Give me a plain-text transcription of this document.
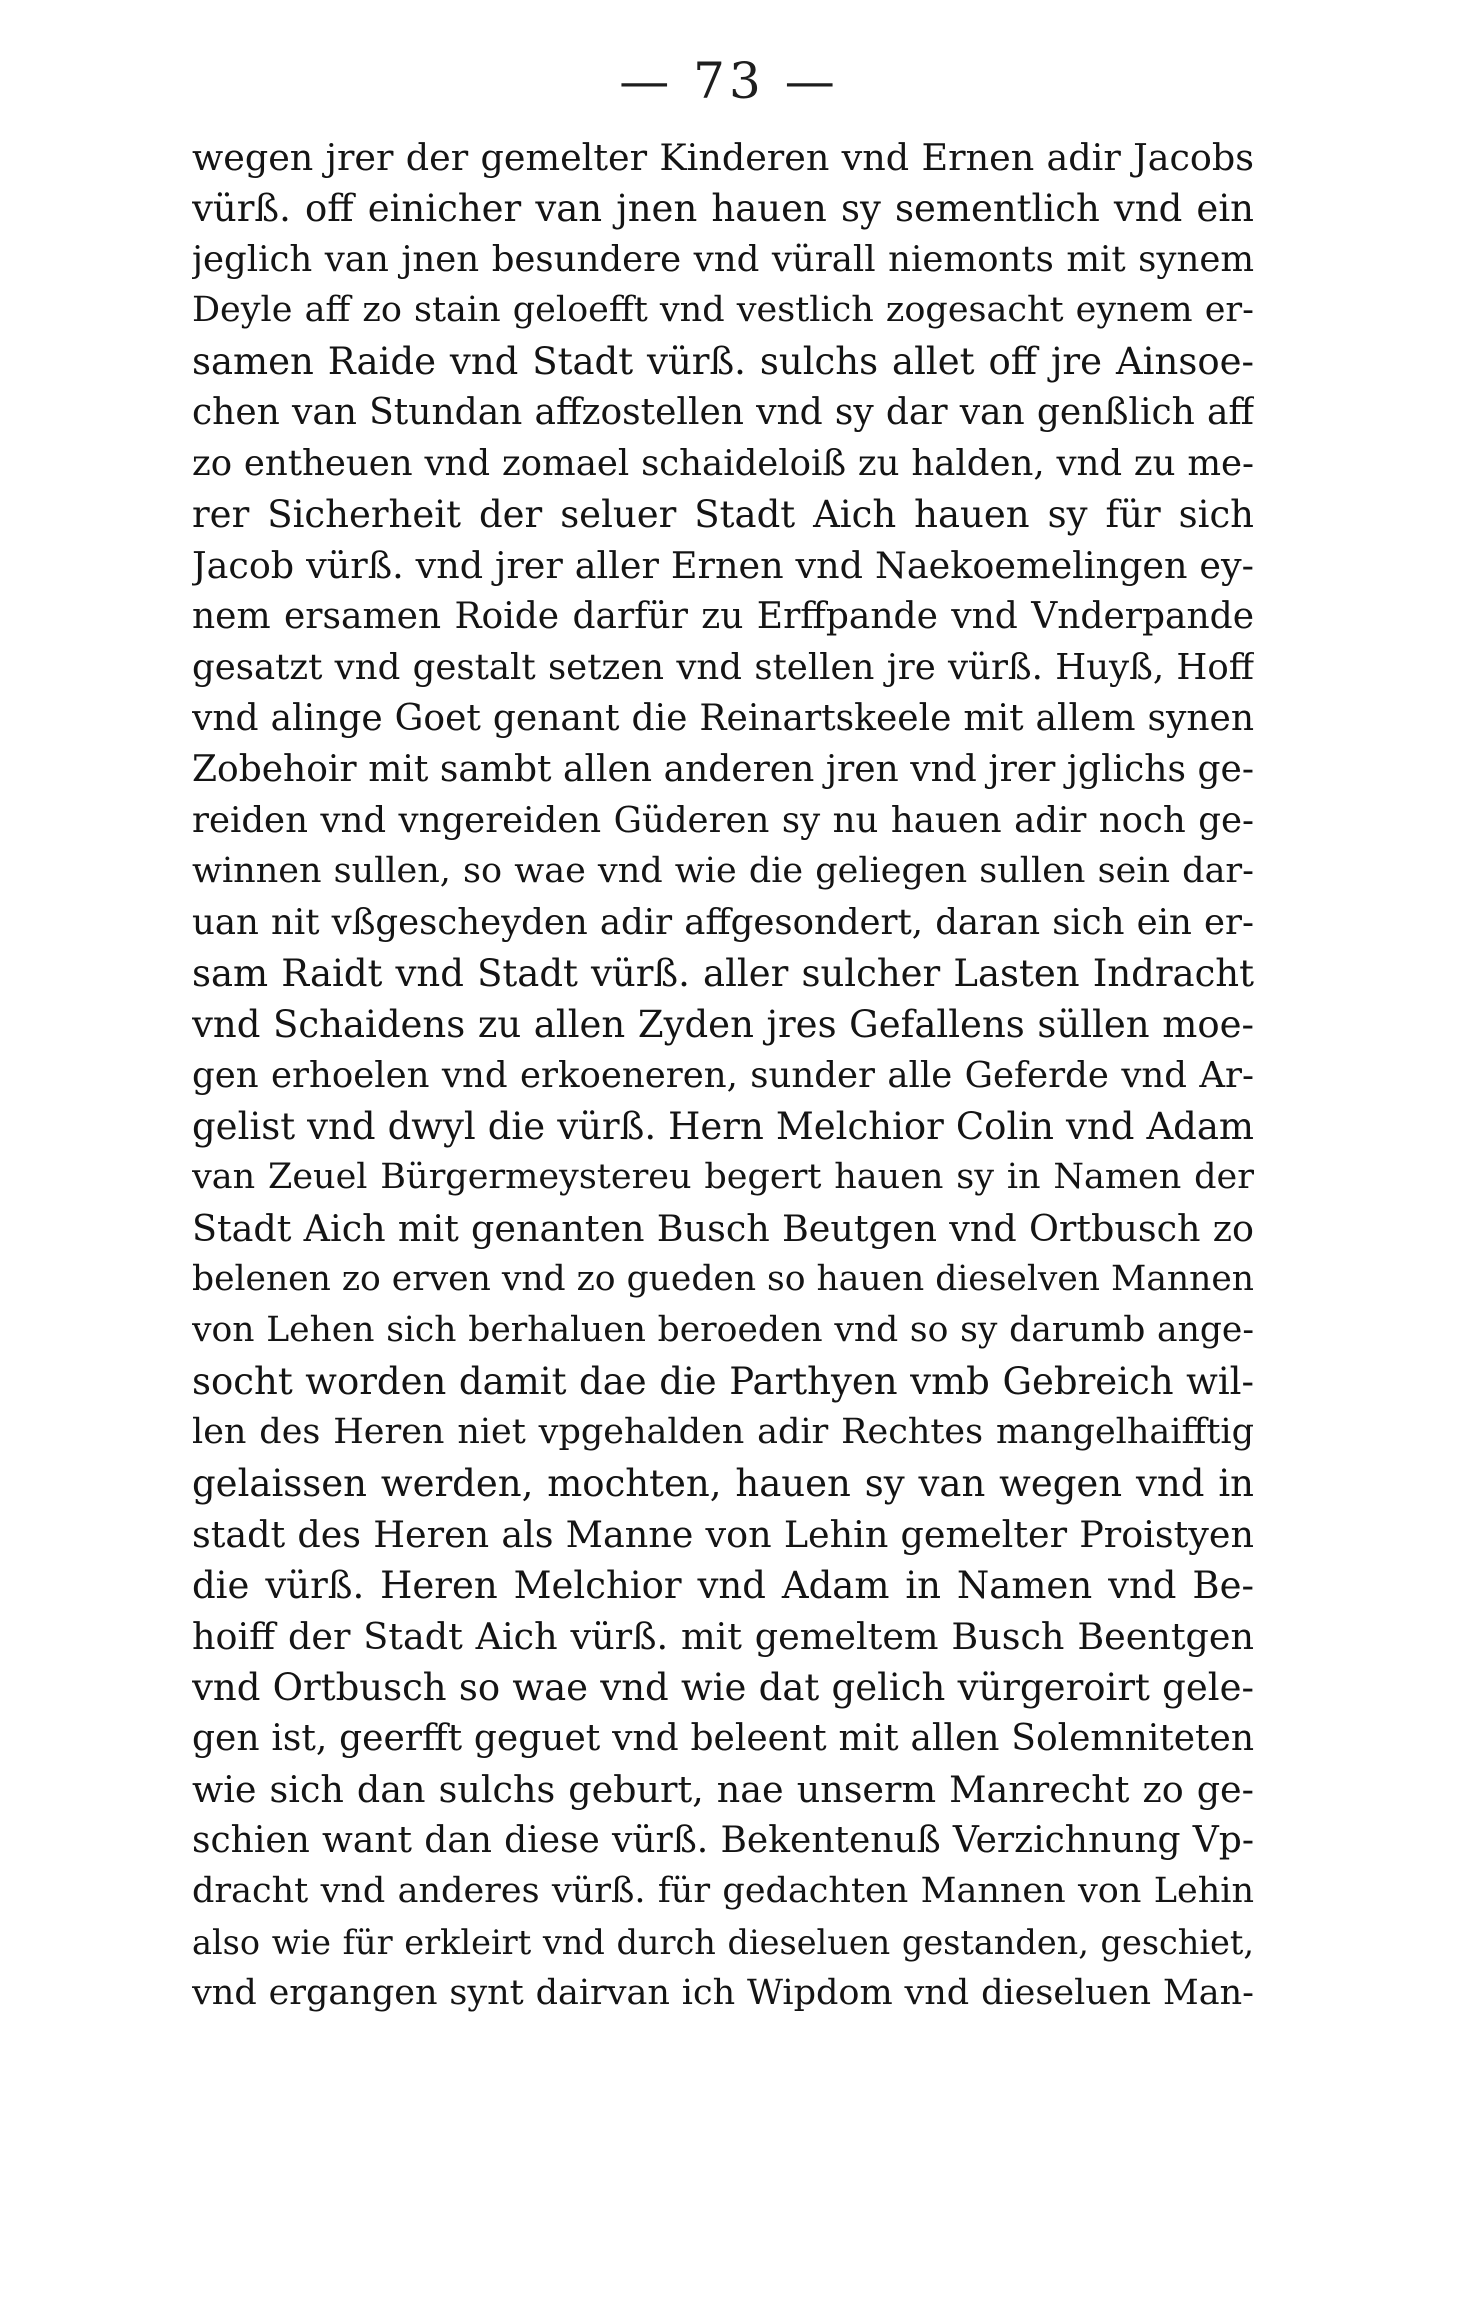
— 73 —
wegen jrer der gemelter Kinderen vnd Ernen adir Jacobs
vürß. off einicher van jnen hauen sy sementlich vnd ein
jeglich van jnen besundere vnd vürall niemonts mit synem
Deyle aff zo stain geloefft vnd vestlich zogesacht eynem er-
samen Raide vnd Stadt vürß. sulchs allet off jre Ainsoe-
chen van Stundan affzostellen vnd sy dar van genßlich aff
zo entheuen vnd zomael schaideloiß zu halden, vnd zu me-
rer Sicherheit der seluer Stadt Aich hauen sy für sich
Jacob vürß. vnd jrer aller Ernen vnd Naekoemelingen ey-
nem ersamen Roide darfür zu Erffpande vnd Vnderpande
gesatzt vnd gestalt setzen vnd stellen jre vürß. Huyß, Hoff
vnd alinge Goet genant die Reinartskeele mit allem synen
Zobehoir mit sambt allen anderen jren vnd jrer jglichs ge-
reiden vnd vngereiden Güderen sy nu hauen adir noch ge-
winnen sullen, so wae vnd wie die geliegen sullen sein dar-
uan nit vßgescheyden adir affgesondert, daran sich ein er-
sam Raidt vnd Stadt vürß. aller sulcher Lasten Indracht
vnd Schaidens zu allen Zyden jres Gefallens süllen moe-
gen erhoelen vnd erkoeneren, sunder alle Geferde vnd Ar-
gelist vnd dwyl die vürß. Hern Melchior Colin vnd Adam
van Zeuel Bürgermeystereu begert hauen sy in Namen der
Stadt Aich mit genanten Busch Beutgen vnd Ortbusch zo
belenen zo erven vnd zo gueden so hauen dieselven Mannen
von Lehen sich berhaluen beroeden vnd so sy darumb ange-
socht worden damit dae die Parthyen vmb Gebreich wil-
len des Heren niet vpgehalden adir Rechtes mangelhaifftig
gelaissen werden, mochten, hauen sy van wegen vnd in
stadt des Heren als Manne von Lehin gemelter Proistyen
die vürß. Heren Melchior vnd Adam in Namen vnd Be-
hoiff der Stadt Aich vürß. mit gemeltem Busch Beentgen
vnd Ortbusch so wae vnd wie dat gelich vürgeroirt gele-
gen ist, geerfft geguet vnd beleent mit allen Solemniteten
wie sich dan sulchs geburt, nae unserm Manrecht zo ge-
schien want dan diese vürß. Bekentenuß Verzichnung Vp-
dracht vnd anderes vürß. für gedachten Mannen von Lehin
also wie für erkleirt vnd durch dieseluen gestanden, geschiet,
vnd ergangen synt dairvan ich Wipdom vnd dieseluen Man-
